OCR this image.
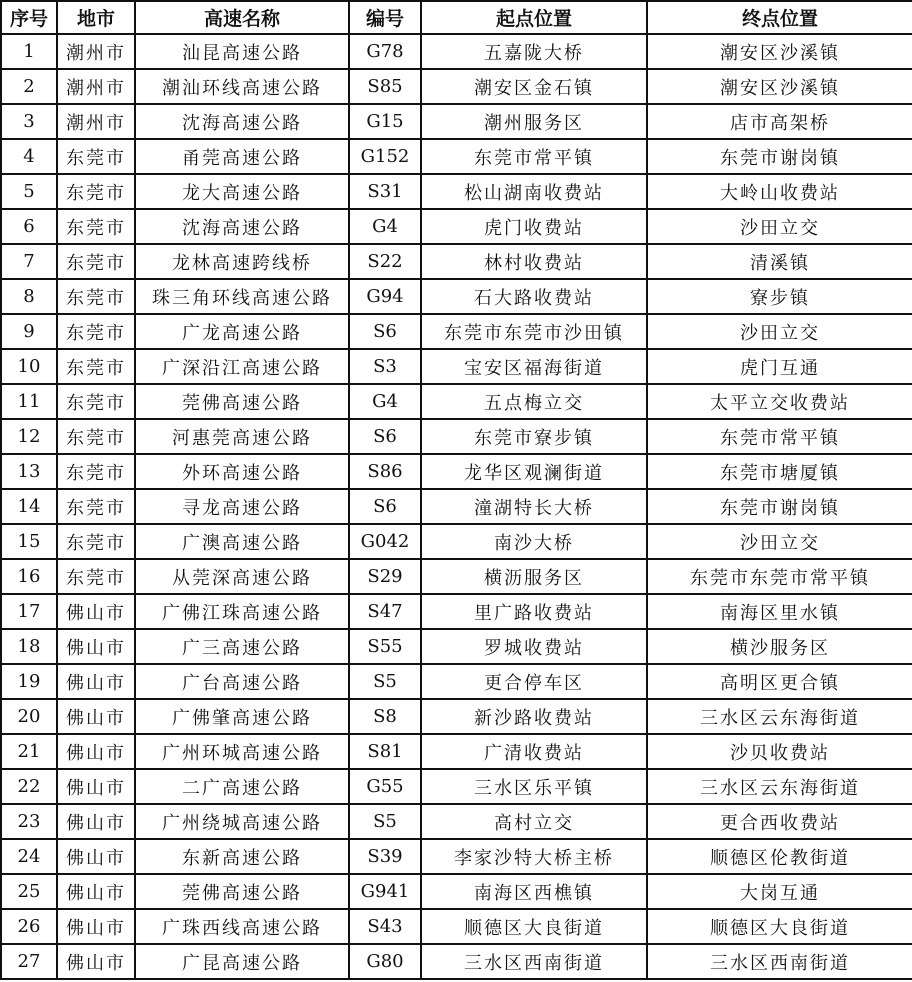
序号	地市	高速名称	编号	起点位置	终点位置
1	潮州市	汕昆高速公路	G78	五嘉陇大桥	潮安区沙溪镇
2	潮州市	潮汕环线高速公路	S85	潮安区金石镇	潮安区沙溪镇
3	潮州市	沈海高速公路	G15	潮州服务区	店市高架桥
4	东莞市	甬莞高速公路	G152	东莞市常平镇	东莞市谢岗镇
5	东莞市	龙大高速公路	S31	松山湖南收费站	大岭山收费站
6	东莞市	沈海高速公路	G4	虎门收费站	沙田立交
7	东莞市	龙林高速跨线桥	S22	林村收费站	清溪镇
8	东莞市	珠三角环线高速公路	G94	石大路收费站	寮步镇
9	东莞市	广龙高速公路	S6	东莞市东莞市沙田镇	沙田立交
10	东莞市	广深沿江高速公路	S3	宝安区福海街道	虎门互通
11	东莞市	莞佛高速公路	G4	五点梅立交	太平立交收费站
12	东莞市	河惠莞高速公路	S6	东莞市寮步镇	东莞市常平镇
13	东莞市	外环高速公路	S86	龙华区观澜街道	东莞市塘厦镇
14	东莞市	寻龙高速公路	S6	潼湖特长大桥	东莞市谢岗镇
15	东莞市	广澳高速公路	G042	南沙大桥	沙田立交
16	东莞市	从莞深高速公路	S29	横沥服务区	东莞市东莞市常平镇
17	佛山市	广佛江珠高速公路	S47	里广路收费站	南海区里水镇
18	佛山市	广三高速公路	S55	罗城收费站	横沙服务区
19	佛山市	广台高速公路	S5	更合停车区	高明区更合镇
20	佛山市	广佛肇高速公路	S8	新沙路收费站	三水区云东海街道
21	佛山市	广州环城高速公路	S81	广清收费站	沙贝收费站
22	佛山市	二广高速公路	G55	三水区乐平镇	三水区云东海街道
23	佛山市	广州绕城高速公路	S5	高村立交	更合西收费站
24	佛山市	东新高速公路	S39	李家沙特大桥主桥	顺德区伦教街道
25	佛山市	莞佛高速公路	G941	南海区西樵镇	大岗互通
26	佛山市	广珠西线高速公路	S43	顺德区大良街道	顺德区大良街道
27	佛山市	广昆高速公路	G80	三水区西南街道	三水区西南街道
